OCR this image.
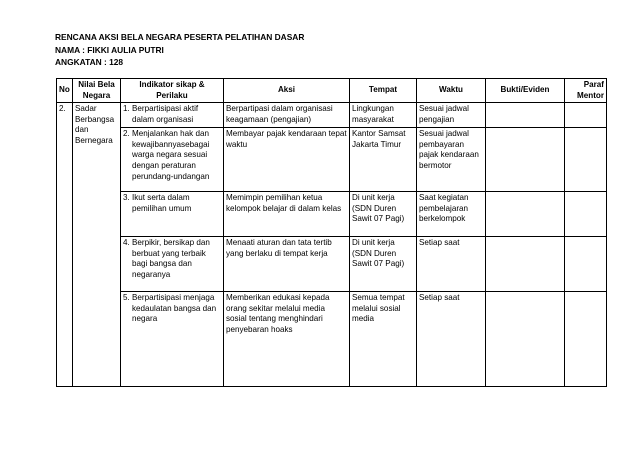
RENCANA AKSI BELA NEGARA PESERTA PELATIHAN DASAR
NAMA : FIKKI AULIA PUTRI
ANGKATAN : 128
No	Nilai Bela Negara	Indikator sikap & Perilaku	Aksi	Tempat	Waktu	Bukti/Eviden	Paraf Mentor
2.	Sadar
Berbangsa
dan
Bernegara	1. Berpartisipasi aktif dalam organisasi	Berpartipasi dalam organisasi keagamaan (pengajian)	Lingkungan masyarakat	Sesuai jadwal pengajian		

		2. Menjalankan hak dan kewajibannyasebagai warga negara sesuai dengan peraturan perundang-undangan	Membayar pajak kendaraan tepat waktu	Kantor Samsat Jakarta Timur	Sesuai jadwal pembayaran pajak kendaraan bermotor		

		3. Ikut serta dalam pemilihan umum	Memimpin pemilihan ketua kelompok belajar di dalam kelas	Di unit kerja (SDN Duren Sawit 07 Pagi)	Saat kegiatan pembelajaran berkelompok		

		4. Berpikir, bersikap dan berbuat yang terbaik bagi bangsa dan negaranya	Menaati aturan dan tata tertib yang berlaku di tempat kerja	Di unit kerja (SDN Duren Sawit 07 Pagi)	Setiap saat		

		5. Berpartisipasi menjaga kedaulatan bangsa dan negara	Memberikan edukasi kepada orang sekitar melalui media sosial tentang menghindari penyebaran hoaks	Semua tempat melalui sosial media	Setiap saat		
